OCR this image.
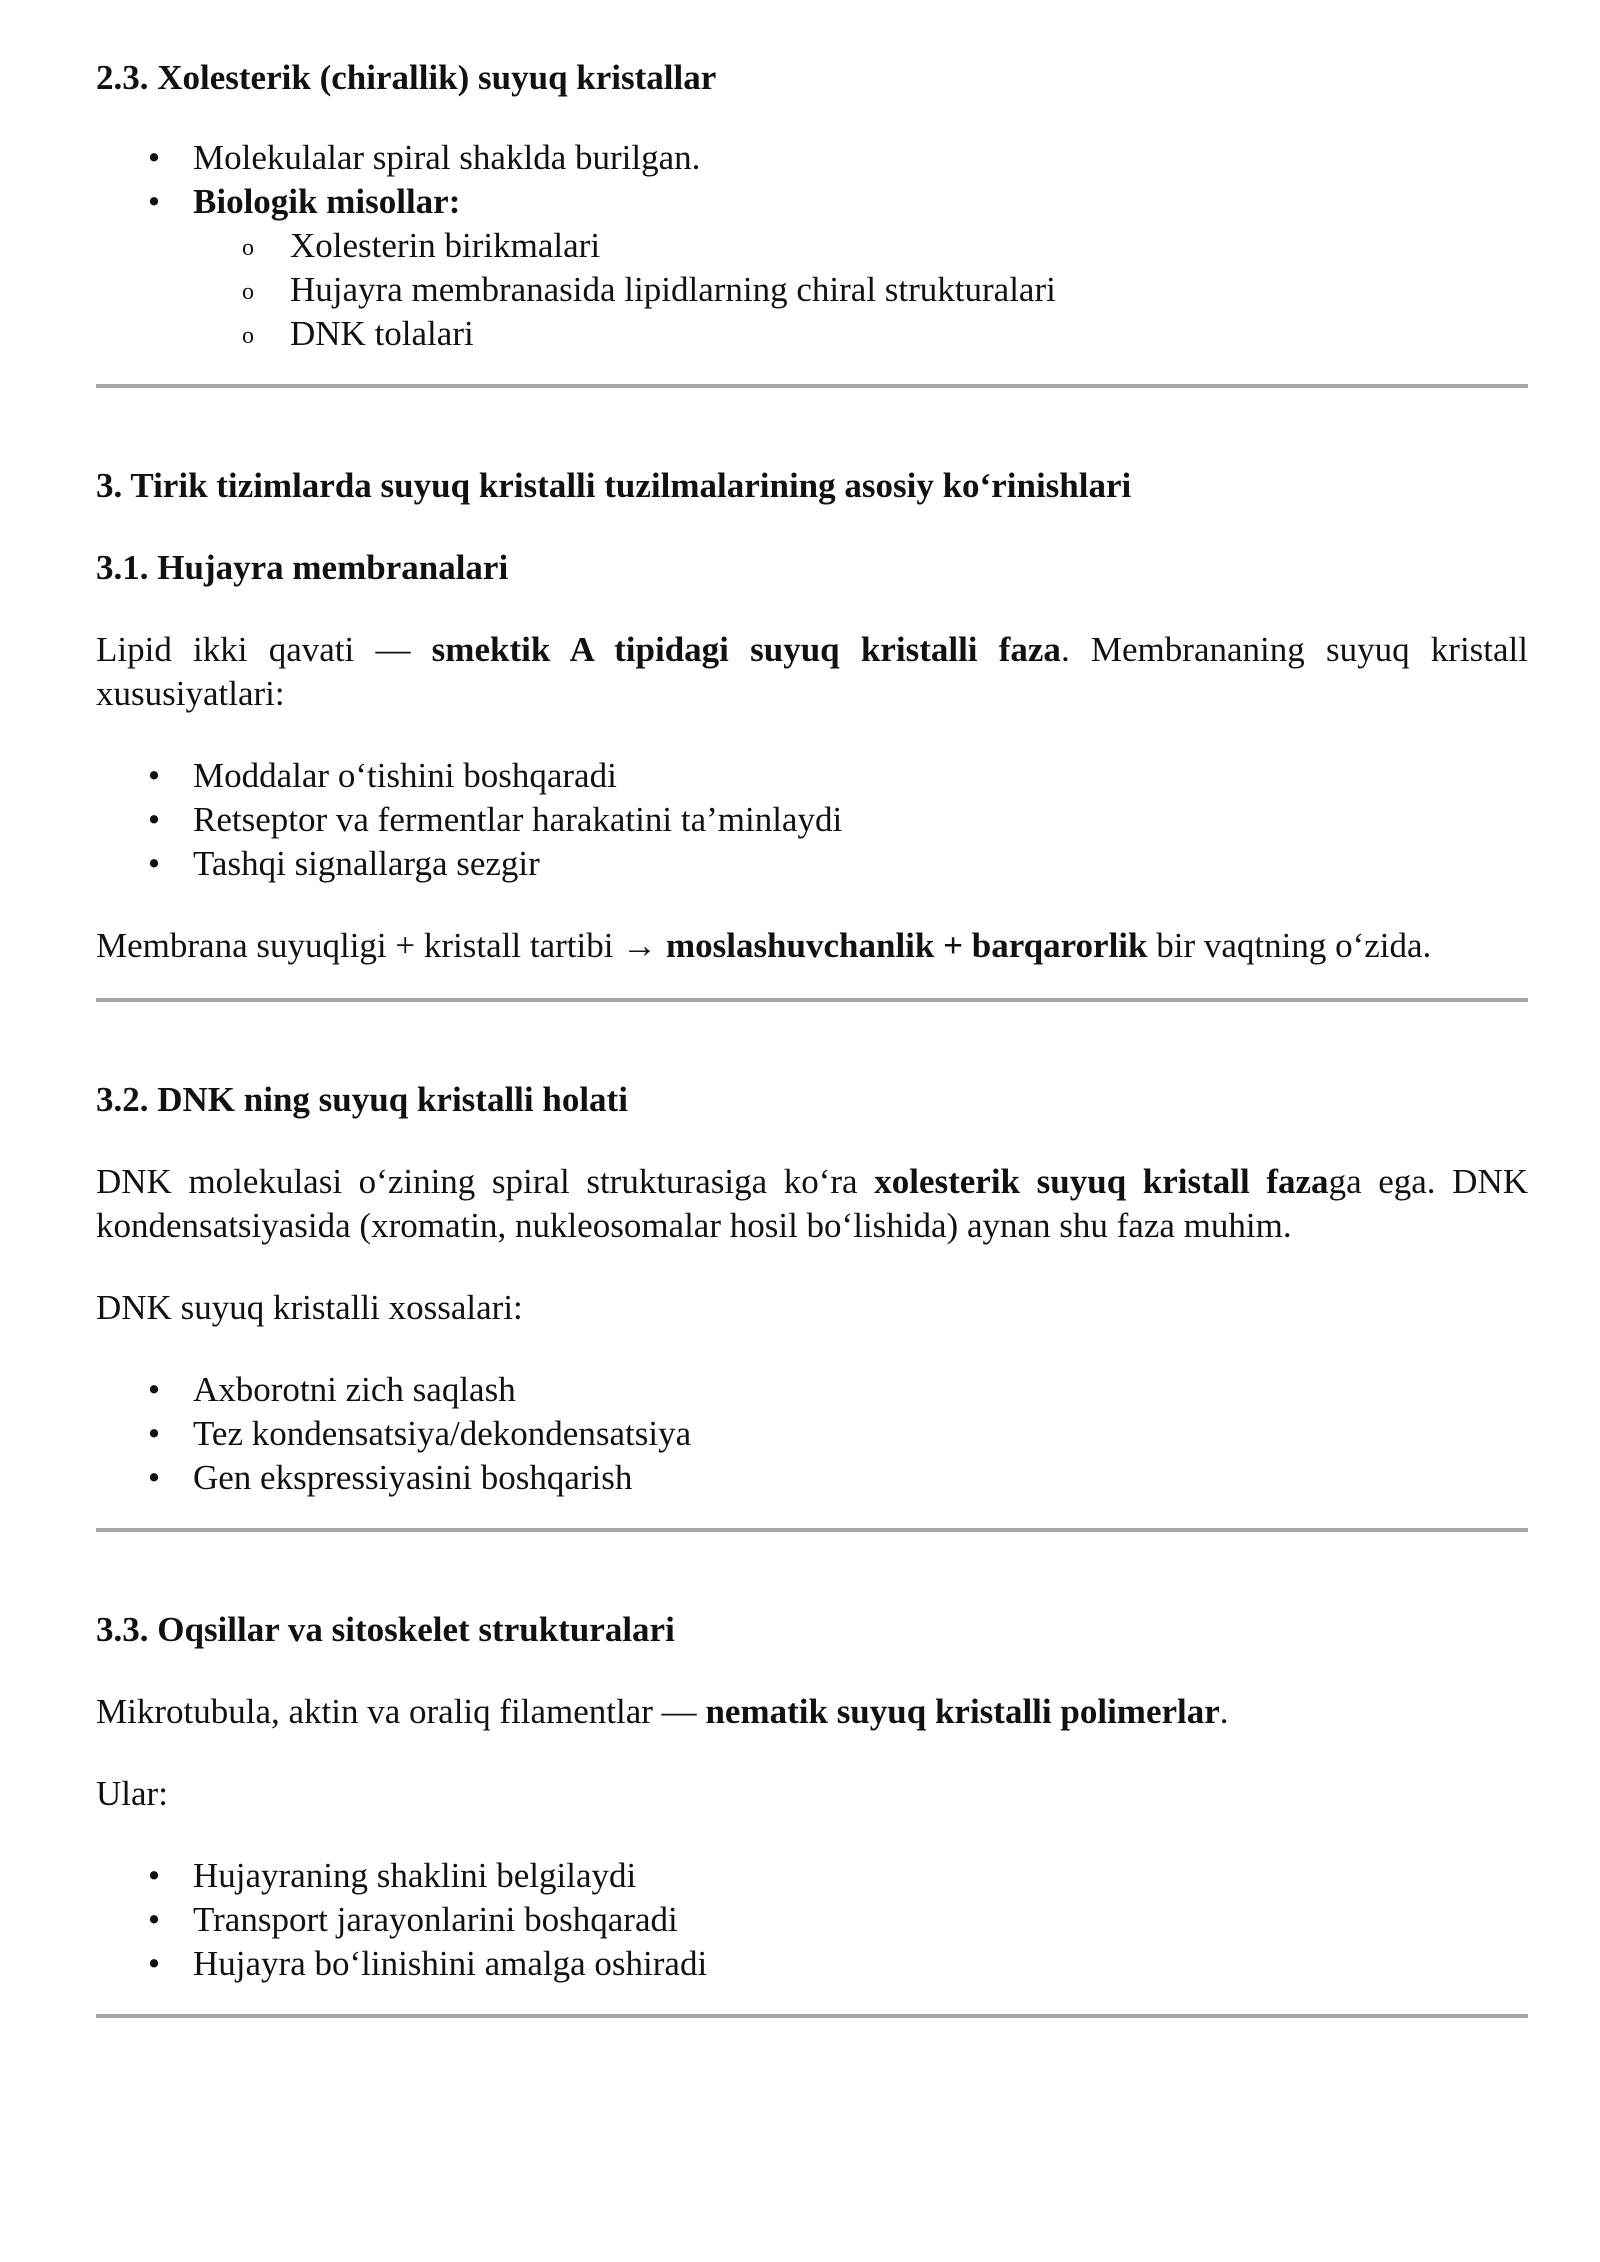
2.3. Xolesterik (chirallik) suyuq kristallar
• Molekulalar spiral shaklda burilgan.
• Biologik misollar:
o Xolesterin birikmalari
o Hujayra membranasida lipidlarning chiral strukturalari
o DNK tolalari
3. Tirik tizimlarda suyuq kristalli tuzilmalarining asosiy ko‘rinishlari
3.1. Hujayra membranalari

Lipid ikki qavati — smektik A tipidagi suyuq kristalli faza. Membrananing suyuq kristall xususiyatlari:

• Moddalar o‘tishini boshqaradi
• Retseptor va fermentlar harakatini ta’minlaydi
• Tashqi signallarga sezgir

Membrana suyuqligi + kristall tartibi → moslashuvchanlik + barqarorlik bir vaqtning o‘zida.

3.2. DNK ning suyuq kristalli holati

DNK molekulasi o‘zining spiral strukturasiga ko‘ra xolesterik suyuq kristall fazaga ega. DNK kondensatsiyasida (xromatin, nukleosomalar hosil bo‘lishida) aynan shu faza muhim.

DNK suyuq kristalli xossalari:

• Axborotni zich saqlash
• Tez kondensatsiya/dekondensatsiya
• Gen ekspressiyasini boshqarish
3.3. Oqsillar va sitoskelet strukturalari

Mikrotubula, aktin va oraliq filamentlar — nematik suyuq kristalli polimerlar.

Ular:

• Hujayraning shaklini belgilaydi
• Transport jarayonlarini boshqaradi
• Hujayra bo‘linishini amalga oshiradi
